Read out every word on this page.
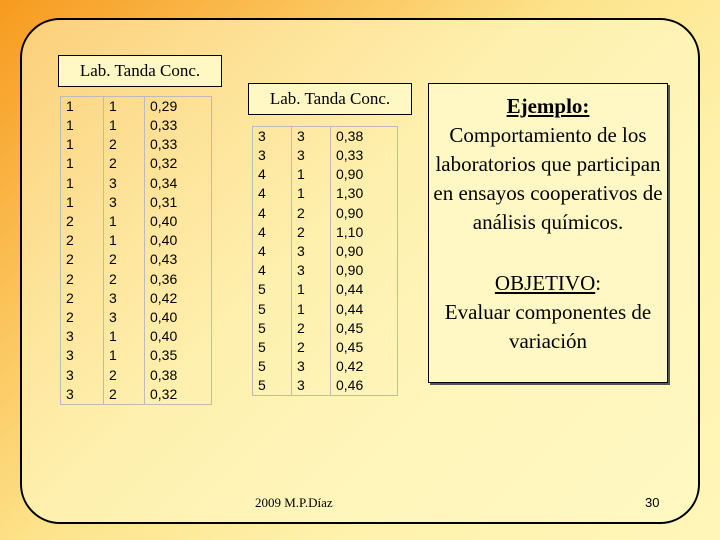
Lab. Tanda Conc.
1	1	0,29
1	1	0,33
1	2	0,33
1	2	0,32
1	3	0,34
1	3	0,31
2	1	0,40
2	1	0,40
2	2	0,43
2	2	0,36
2	3	0,42
2	3	0,40
3	1	0,40
3	1	0,35
3	2	0,38
3	2	0,32
Lab. Tanda Conc.
3	3	0,38
3	3	0,33
4	1	0,90
4	1	1,30
4	2	0,90
4	2	1,10
4	3	0,90
4	3	0,90
5	1	0,44
5	1	0,44
5	2	0,45
5	2	0,45
5	3	0,42
5	3	0,46
Ejemplo:
Comportamiento de los laboratorios que participan en ensayos cooperativos de análisis químicos.
OBJETIVO:
Evaluar componentes de variación
2009 M.P.Díaz	30
